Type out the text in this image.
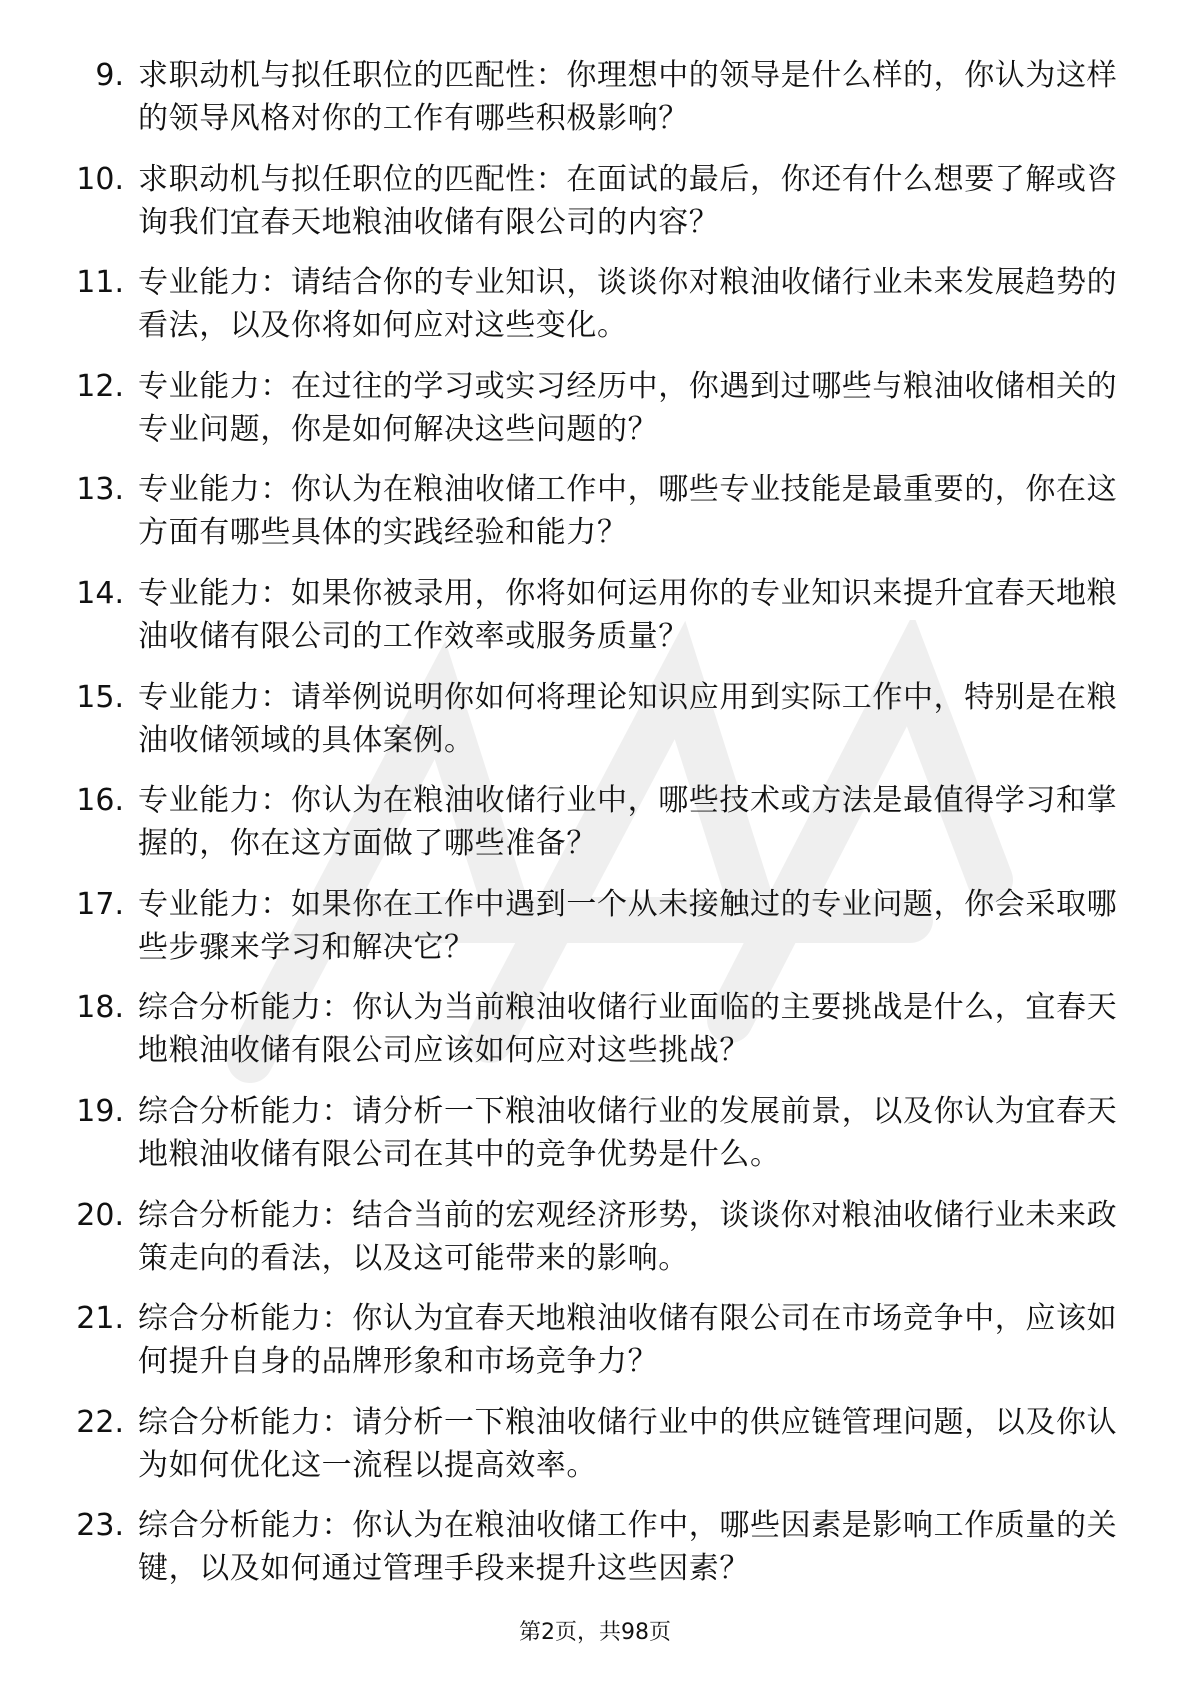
9. 求职动机与拟任职位的匹配性：你理想中的领导是什么样的，你认为这样的领导风格对你的工作有哪些积极影响？
10. 求职动机与拟任职位的匹配性：在面试的最后，你还有什么想要了解或咨询我们宜春天地粮油收储有限公司的内容？
11. 专业能力：请结合你的专业知识，谈谈你对粮油收储行业未来发展趋势的看法，以及你将如何应对这些变化。
12. 专业能力：在过往的学习或实习经历中，你遇到过哪些与粮油收储相关的专业问题，你是如何解决这些问题的？
13. 专业能力：你认为在粮油收储工作中，哪些专业技能是最重要的，你在这方面有哪些具体的实践经验和能力？
14. 专业能力：如果你被录用，你将如何运用你的专业知识来提升宜春天地粮油收储有限公司的工作效率或服务质量？
15. 专业能力：请举例说明你如何将理论知识应用到实际工作中，特别是在粮油收储领域的具体案例。
16. 专业能力：你认为在粮油收储行业中，哪些技术或方法是最值得学习和掌握的，你在这方面做了哪些准备？
17. 专业能力：如果你在工作中遇到一个从未接触过的专业问题，你会采取哪些步骤来学习和解决它？
18. 综合分析能力：你认为当前粮油收储行业面临的主要挑战是什么，宜春天地粮油收储有限公司应该如何应对这些挑战？
19. 综合分析能力：请分析一下粮油收储行业的发展前景，以及你认为宜春天地粮油收储有限公司在其中的竞争优势是什么。
20. 综合分析能力：结合当前的宏观经济形势，谈谈你对粮油收储行业未来政策走向的看法，以及这可能带来的影响。
21. 综合分析能力：你认为宜春天地粮油收储有限公司在市场竞争中，应该如何提升自身的品牌形象和市场竞争力？
22. 综合分析能力：请分析一下粮油收储行业中的供应链管理问题，以及你认为如何优化这一流程以提高效率。
23. 综合分析能力：你认为在粮油收储工作中，哪些因素是影响工作质量的关键，以及如何通过管理手段来提升这些因素？
第2页，共98页
